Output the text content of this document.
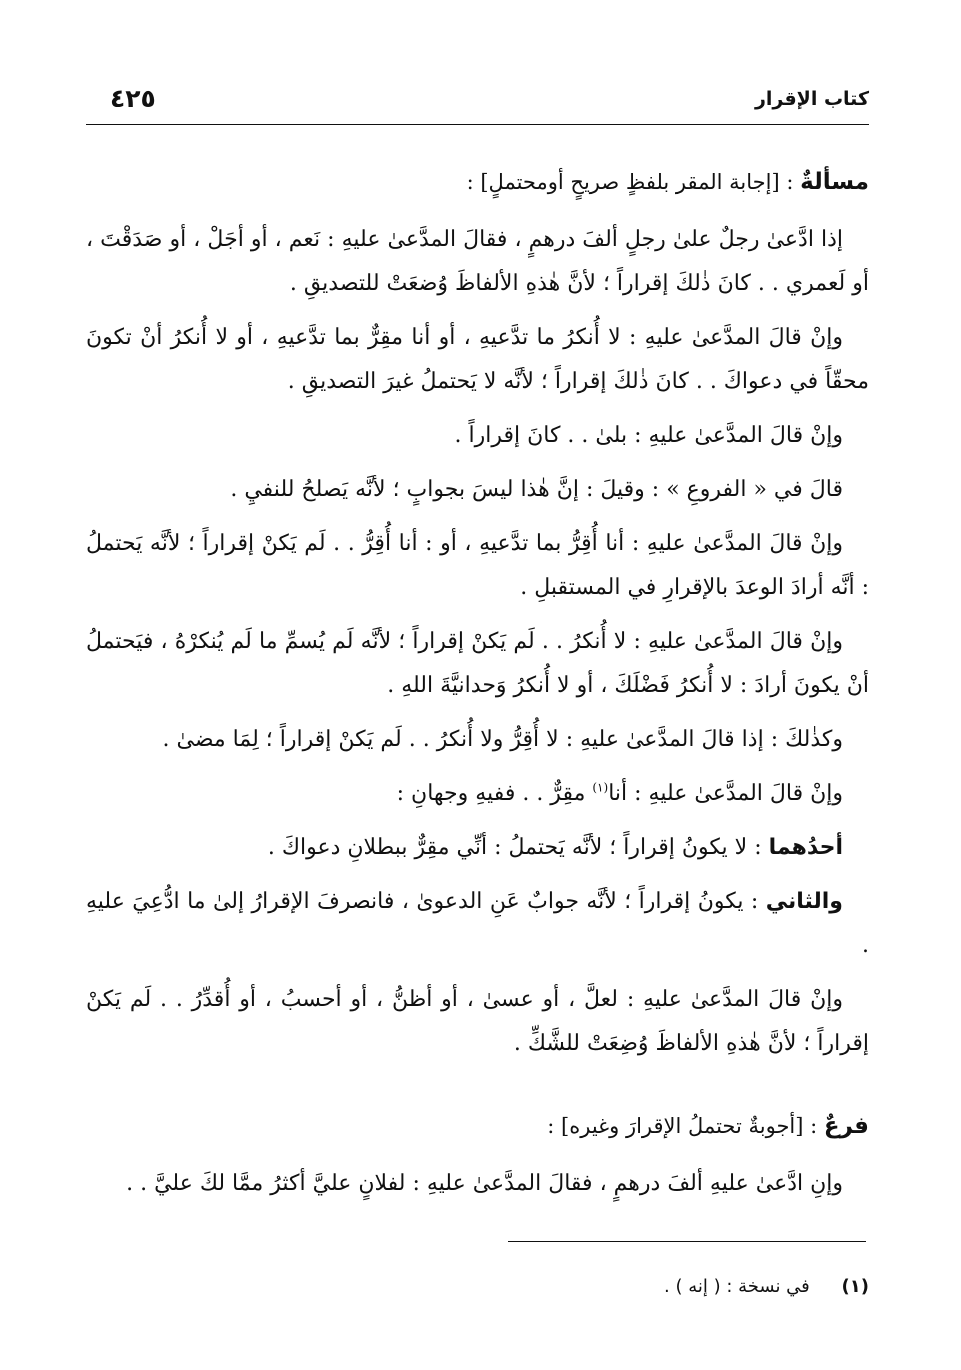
كتاب الإقرار
٤٢٥

مسألةٌ : [إجابة المقر بلفظٍ صريحٍ أومحتملٍ] :

إذا ادَّعىٰ رجلٌ علىٰ رجلٍ ألفَ درهمٍ ، فقالَ المدَّعىٰ عليهِ : نَعم ، أو أجَلْ ، أو صَدَقْتَ ، أو لَعمري . . كانَ ذٰلكَ إقراراً ؛ لأنَّ هٰذهِ الألفاظَ وُضعَتْ للتصديقِ .

وإنْ قالَ المدَّعىٰ عليهِ : لا أُنكرُ ما تدَّعيهِ ، أو أنا مقِرٌّ بما تدَّعيهِ ، أو لا أُنكرُ أنْ تكونَ محقّاً في دعواكَ . . كانَ ذٰلكَ إقراراً ؛ لأنَّه لا يَحتملُ غيرَ التصديقِ .

وإنْ قالَ المدَّعىٰ عليهِ : بلىٰ . . كانَ إقراراً .

قالَ في « الفروعِ » : وقيلَ : إنَّ هٰذا ليسَ بجوابٍ ؛ لأنَّه يَصلحُ للنفيِ .

وإنْ قالَ المدَّعىٰ عليهِ : أنا أُقِرُّ بما تدَّعيهِ ، أو : أنا أُقِرُّ . . لَم يَكنْ إقراراً ؛ لأنَّه يَحتملُ : أنَّه أرادَ الوعدَ بالإقرارِ في المستقبلِ .

وإنْ قالَ المدَّعىٰ عليهِ : لا أُنكرُ . . لَم يَكنْ إقراراً ؛ لأنَّه لَم يُسمِّ ما لَم يُنكرْهُ ، فيَحتملُ أنْ يكونَ أرادَ : لا أُنكرُ فَضْلَكَ ، أو لا أُنكرُ وَحدانيَّةَ اللهِ .

وكذٰلكَ : إذا قالَ المدَّعىٰ عليهِ : لا أُقِرُّ ولا أُنكرُ . . لَم يَكنْ إقراراً ؛ لِمَا مضىٰ .

وإنْ قالَ المدَّعىٰ عليهِ : أنا$^{(١)}$ مقِرٌّ . . ففيهِ وجهانِ :

أحدُهما : لا يكونُ إقراراً ؛ لأنَّه يَحتملُ : أنِّي مقِرٌّ ببطلانِ دعواكَ .

والثاني : يكونُ إقراراً ؛ لأنَّه جوابٌ عَنِ الدعوىٰ ، فانصرفَ الإقرارُ إلىٰ ما ادُّعِيَ عليهِ .

وإنْ قالَ المدَّعىٰ عليهِ : لعلَّ ، أو عسىٰ ، أو أظنُّ ، أو أحسبُ ، أو أُقدِّرُ . . لَم يَكنْ إقراراً ؛ لأنَّ هٰذهِ الألفاظَ وُضِعَتْ للشَّكِّ .

فرعٌ : [أجوبةٌ تحتملُ الإقرارَ وغيره] :

وإنِ ادَّعىٰ عليهِ ألفَ درهمٍ ، فقالَ المدَّعىٰ عليهِ : لفلانٍ عليَّ أكثرُ ممَّا لكَ عليَّ . .

(١) في نسخة : ( إنه ) .
